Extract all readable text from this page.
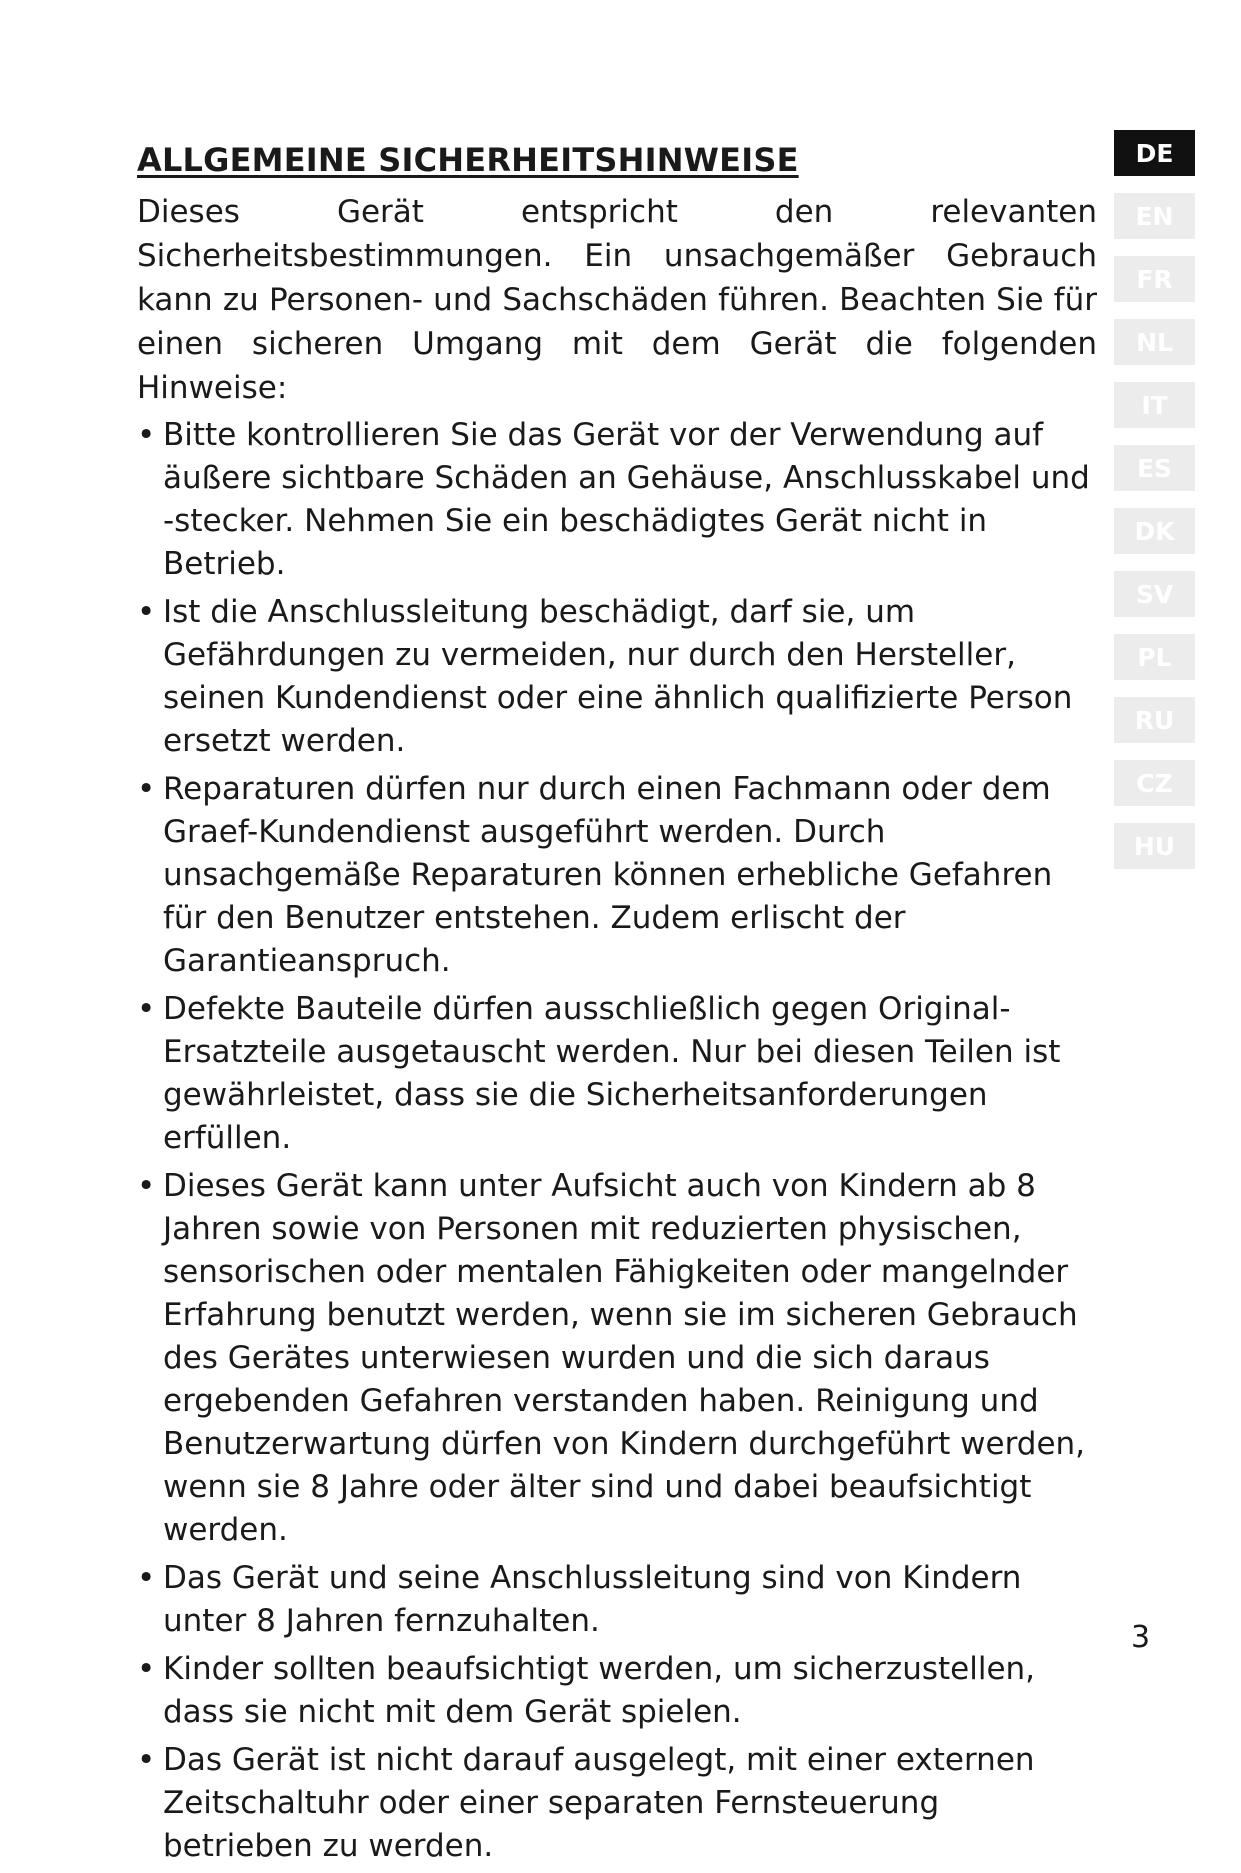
ALLGEMEINE SICHERHEITSHINWEISE

Dieses Gerät entspricht den relevanten Sicherheitsbestimmungen. Ein unsachgemäßer Gebrauch kann zu Personen- und Sachschäden führen. Beachten Sie für einen sicheren Umgang mit dem Gerät die folgenden Hinweise:

• Bitte kontrollieren Sie das Gerät vor der Verwendung auf äußere sichtbare Schäden an Gehäuse, Anschlusskabel und -stecker. Nehmen Sie ein beschädigtes Gerät nicht in Betrieb.
• Ist die Anschlussleitung beschädigt, darf sie, um Gefährdungen zu vermeiden, nur durch den Hersteller, seinen Kundendienst oder eine ähnlich qualifizierte Person ersetzt werden.
• Reparaturen dürfen nur durch einen Fachmann oder dem Graef-Kundendienst ausgeführt werden. Durch unsachgemäße Reparaturen können erhebliche Gefahren für den Benutzer entstehen. Zudem erlischt der Garantieanspruch.
• Defekte Bauteile dürfen ausschließlich gegen Original-Ersatzteile ausgetauscht werden. Nur bei diesen Teilen ist gewährleistet, dass sie die Sicherheitsanforderungen erfüllen.
• Dieses Gerät kann unter Aufsicht auch von Kindern ab 8 Jahren sowie von Personen mit reduzierten physischen, sensorischen oder mentalen Fähigkeiten oder mangelnder Erfahrung benutzt werden, wenn sie im sicheren Gebrauch des Gerätes unterwiesen wurden und die sich daraus ergebenden Gefahren verstanden haben. Reinigung und Benutzerwartung dürfen von Kindern durchgeführt werden, wenn sie 8 Jahre oder älter sind und dabei beaufsichtigt werden.
• Das Gerät und seine Anschlussleitung sind von Kindern unter 8 Jahren fernzuhalten.
• Kinder sollten beaufsichtigt werden, um sicherzustellen, dass sie nicht mit dem Gerät spielen.
• Das Gerät ist nicht darauf ausgelegt, mit einer externen Zeitschaltuhr oder einer separaten Fernsteuerung betrieben zu werden.
DE
EN
FR
NL
IT
ES
DK
SV
PL
RU
CZ
HU
3
